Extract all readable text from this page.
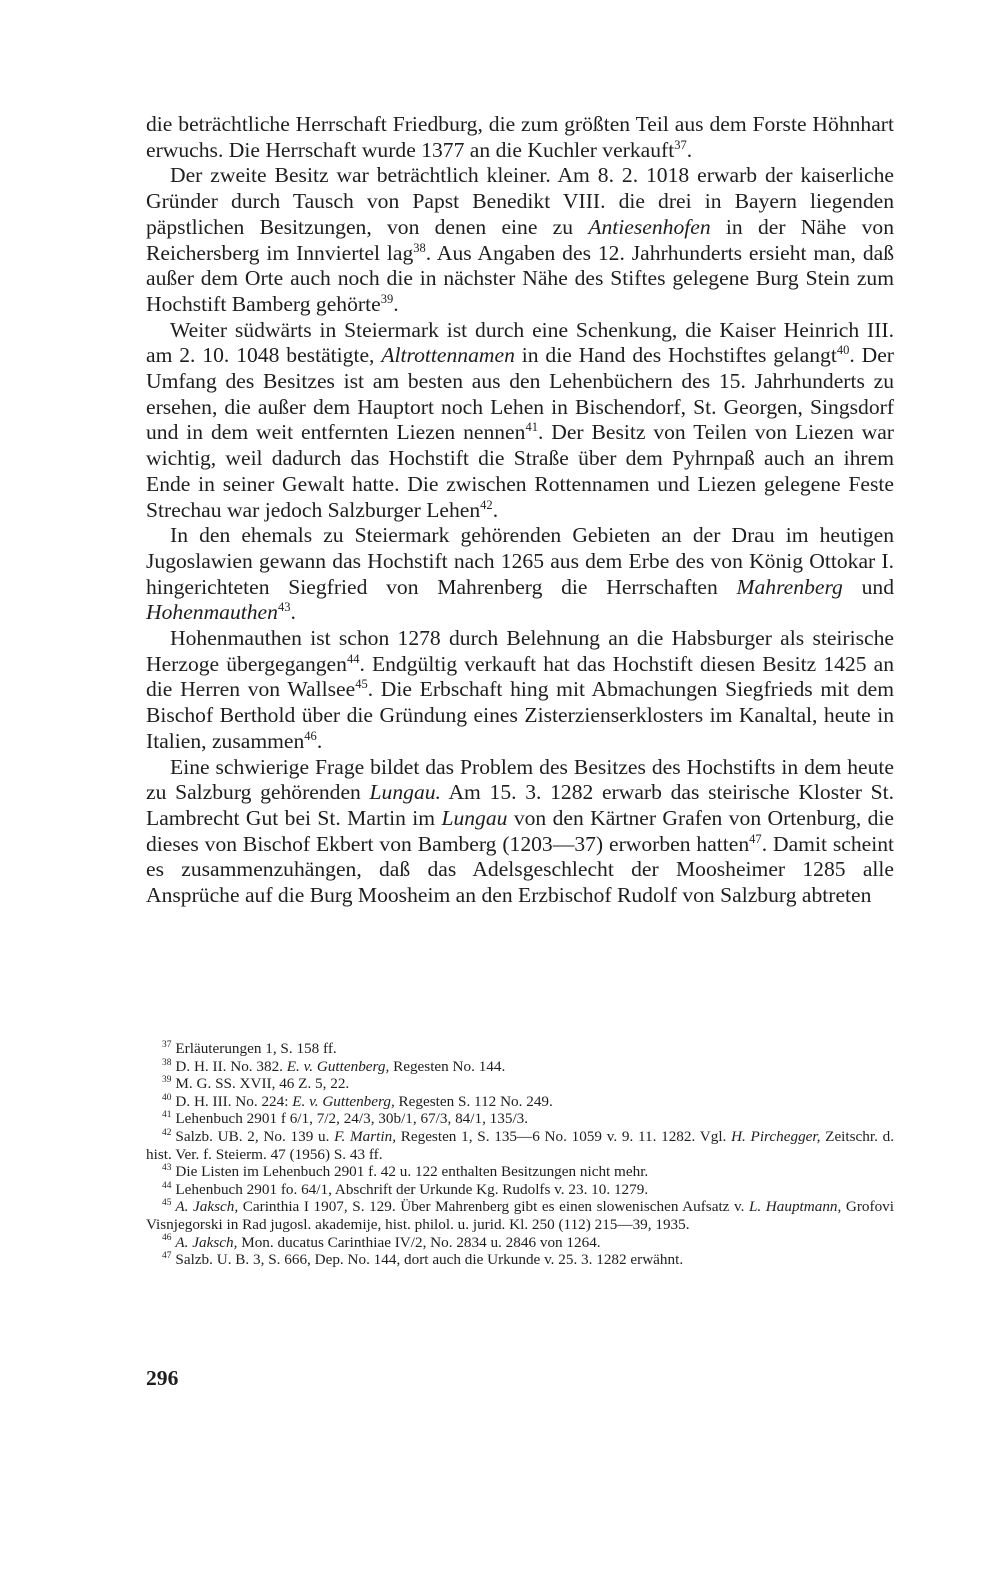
die beträchtliche Herrschaft Friedburg, die zum größten Teil aus dem Forste Höhnhart erwuchs. Die Herrschaft wurde 1377 an die Kuchler verkauft$^{37}$.

Der zweite Besitz war beträchtlich kleiner. Am 8. 2. 1018 erwarb der kaiserliche Gründer durch Tausch von Papst Benedikt VIII. die drei in Bayern liegenden päpstlichen Besitzungen, von denen eine zu Antiesenhofen in der Nähe von Reichersberg im Innviertel lag$^{38}$. Aus Angaben des 12. Jahrhunderts ersieht man, daß außer dem Orte auch noch die in nächster Nähe des Stiftes gelegene Burg Stein zum Hochstift Bamberg gehörte$^{39}$.

Weiter südwärts in Steiermark ist durch eine Schenkung, die Kaiser Heinrich III. am 2. 10. 1048 bestätigte, Altrottennamen in die Hand des Hochstiftes gelangt$^{40}$. Der Umfang des Besitzes ist am besten aus den Lehenbüchern des 15. Jahrhunderts zu ersehen, die außer dem Hauptort noch Lehen in Bischendorf, St. Georgen, Singsdorf und in dem weit entfernten Liezen nennen$^{41}$. Der Besitz von Teilen von Liezen war wichtig, weil dadurch das Hochstift die Straße über dem Pyhrnpaß auch an ihrem Ende in seiner Gewalt hatte. Die zwischen Rottennamen und Liezen gelegene Feste Strechau war jedoch Salzburger Lehen$^{42}$.

In den ehemals zu Steiermark gehörenden Gebieten an der Drau im heutigen Jugoslawien gewann das Hochstift nach 1265 aus dem Erbe des von König Ottokar I. hingerichteten Siegfried von Mahrenberg die Herrschaften Mahrenberg und Hohenmauthen$^{43}$.

Hohenmauthen ist schon 1278 durch Belehnung an die Habsburger als steirische Herzoge übergegangen$^{44}$. Endgültig verkauft hat das Hochstift diesen Besitz 1425 an die Herren von Wallsee$^{45}$. Die Erbschaft hing mit Abmachungen Siegfrieds mit dem Bischof Berthold über die Gründung eines Zisterzienserklosters im Kanaltal, heute in Italien, zusammen$^{46}$.

Eine schwierige Frage bildet das Problem des Besitzes des Hochstifts in dem heute zu Salzburg gehörenden Lungau. Am 15. 3. 1282 erwarb das steirische Kloster St. Lambrecht Gut bei St. Martin im Lungau von den Kärtner Grafen von Ortenburg, die dieses von Bischof Ekbert von Bamberg (1203—37) erworben hatten$^{47}$. Damit scheint es zusammenzuhängen, daß das Adelsgeschlecht der Moosheimer 1285 alle Ansprüche auf die Burg Moosheim an den Erzbischof Rudolf von Salzburg abtreten

$^{37}$ Erläuterungen 1, S. 158 ff.

$^{38}$ D. H. II. No. 382. E. v. Guttenberg, Regesten No. 144.

$^{39}$ M. G. SS. XVII, 46 Z. 5, 22.

$^{40}$ D. H. III. No. 224: E. v. Guttenberg, Regesten S. 112 No. 249.

$^{41}$ Lehenbuch 2901 f 6/1, 7/2, 24/3, 30b/1, 67/3, 84/1, 135/3.

$^{42}$ Salzb. UB. 2, No. 139 u. F. Martin, Regesten 1, S. 135—6 No. 1059 v. 9. 11. 1282. Vgl. H. Pirchegger, Zeitschr. d. hist. Ver. f. Steierm. 47 (1956) S. 43 ff.

$^{43}$ Die Listen im Lehenbuch 2901 f. 42 u. 122 enthalten Besitzungen nicht mehr.

$^{44}$ Lehenbuch 2901 fo. 64/1, Abschrift der Urkunde Kg. Rudolfs v. 23. 10. 1279.

$^{45}$ A. Jaksch, Carinthia I 1907, S. 129. Über Mahrenberg gibt es einen slowenischen Aufsatz v. L. Hauptmann, Grofovi Visnjegorski in Rad jugosl. akademije, hist. philol. u. jurid. Kl. 250 (112) 215—39, 1935.

$^{46}$ A. Jaksch, Mon. ducatus Carinthiae IV/2, No. 2834 u. 2846 von 1264.

$^{47}$ Salzb. U. B. 3, S. 666, Dep. No. 144, dort auch die Urkunde v. 25. 3. 1282 erwähnt.

296
